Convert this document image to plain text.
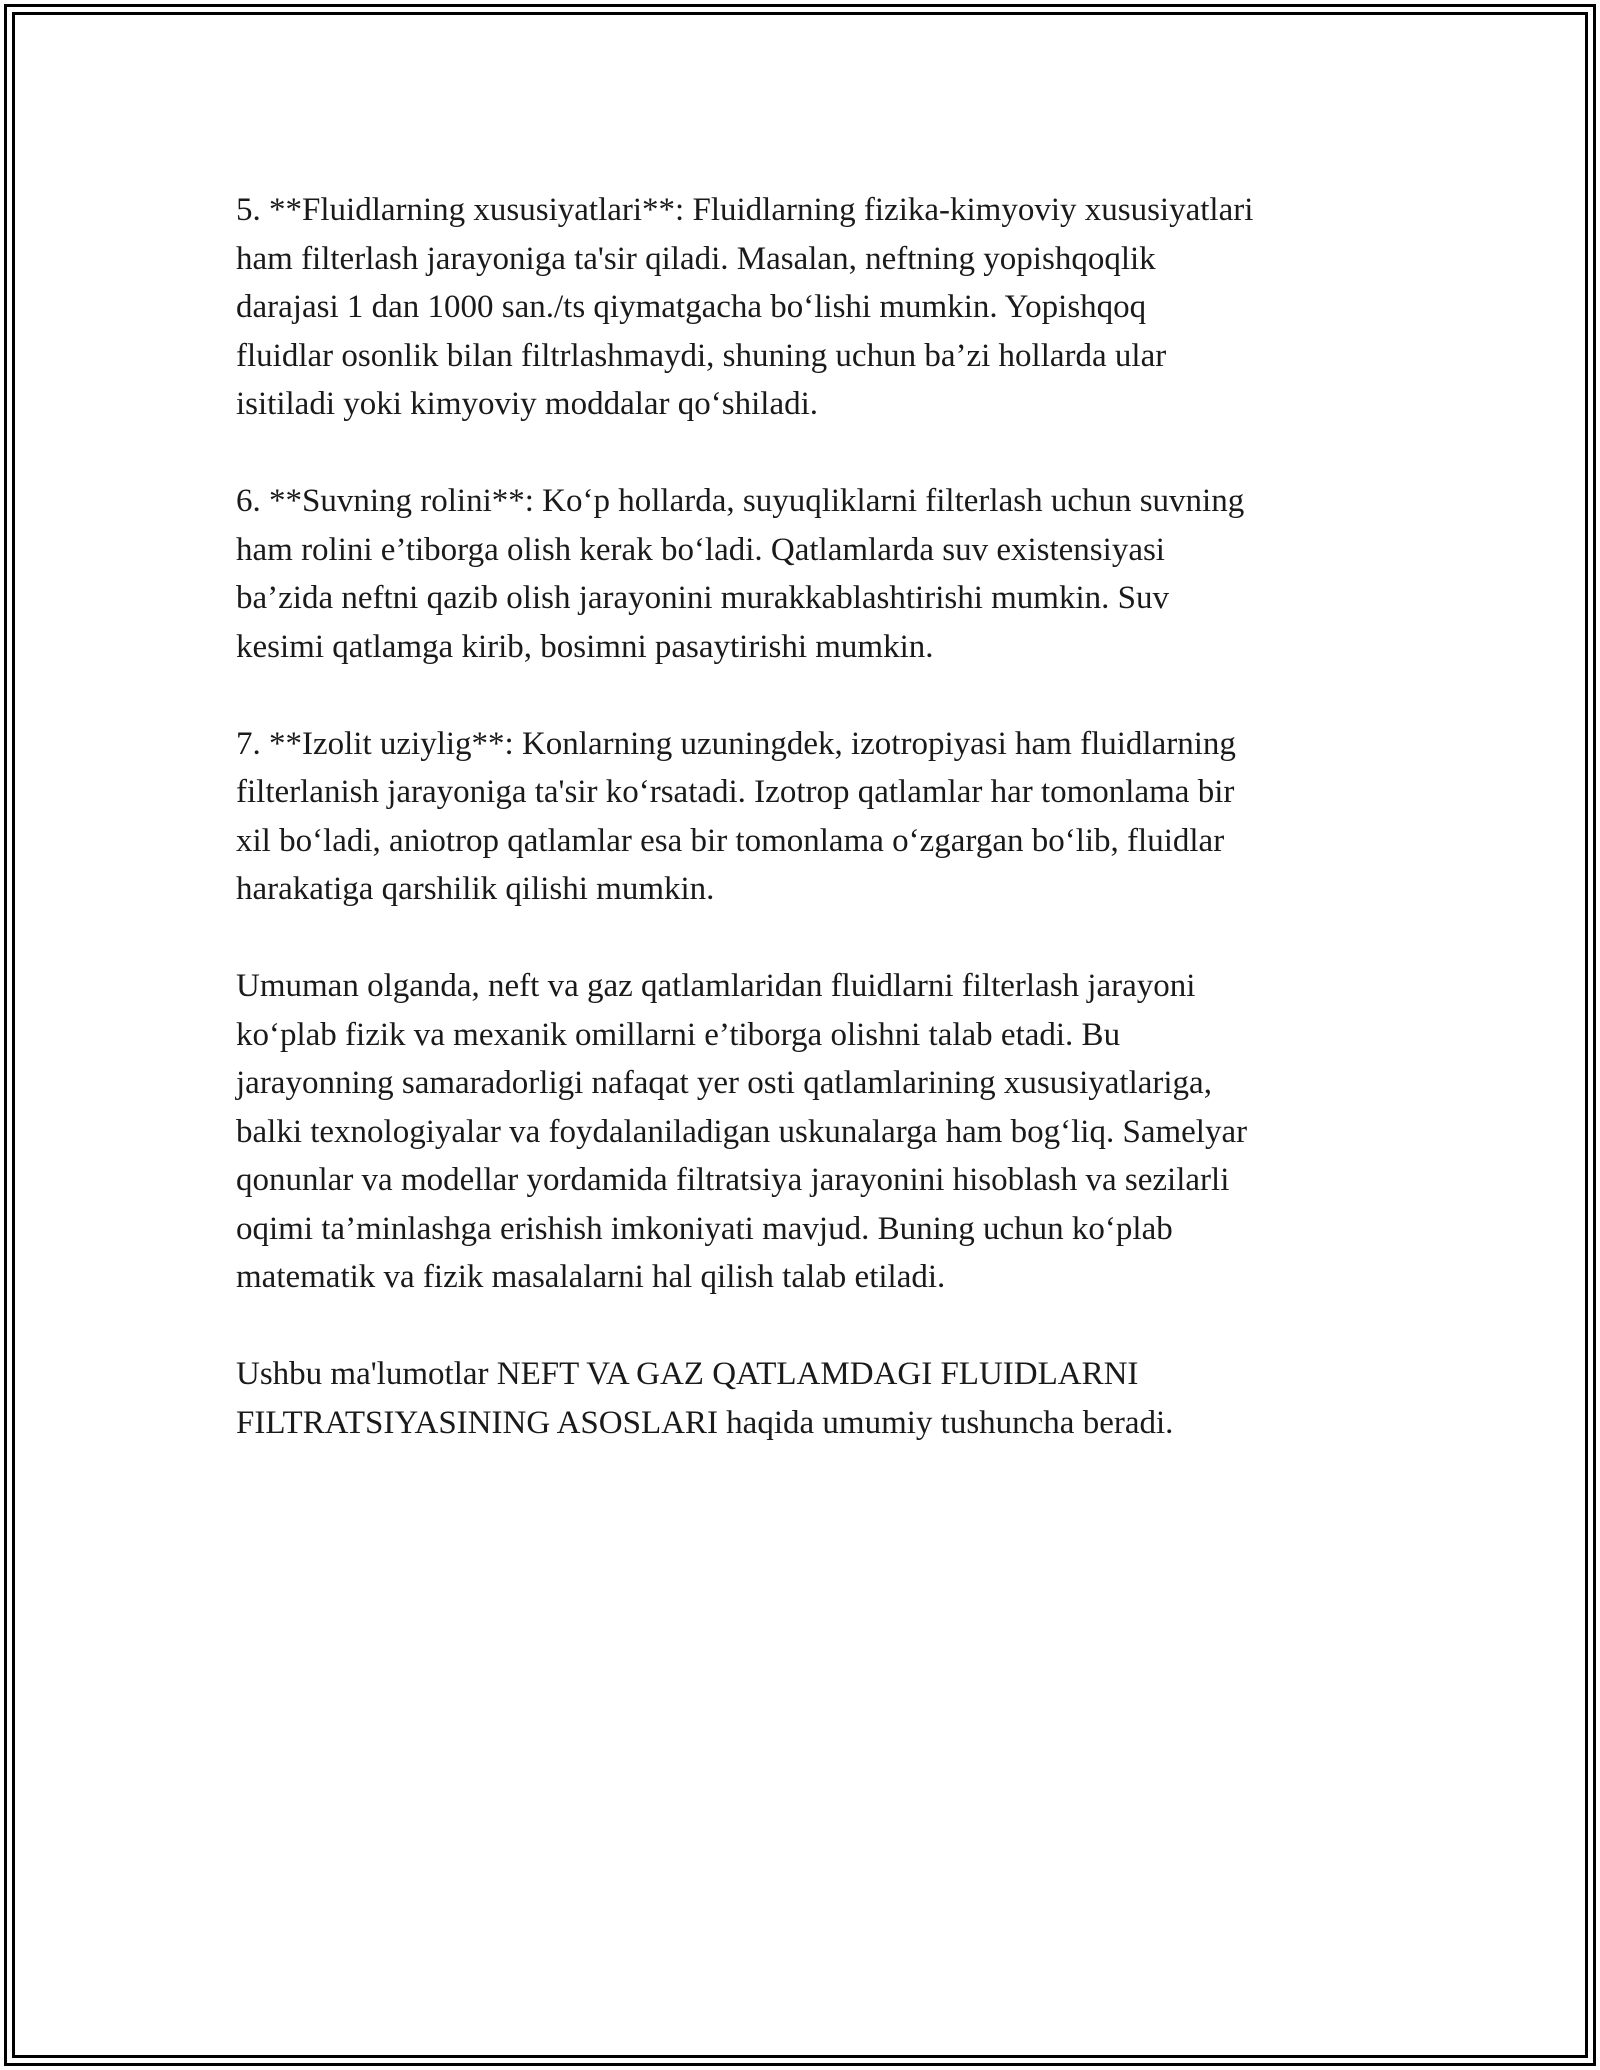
5. **Fluidlarning xususiyatlari**: Fluidlarning fizika-kimyoviy xususiyatlari
ham filterlash jarayoniga ta'sir qiladi. Masalan, neftning yopishqoqlik
darajasi 1 dan 1000 san./ts qiymatgacha bo‘lishi mumkin. Yopishqoq
fluidlar osonlik bilan filtrlashmaydi, shuning uchun ba’zi hollarda ular
isitiladi yoki kimyoviy moddalar qo‘shiladi.

6. **Suvning rolini**: Ko‘p hollarda, suyuqliklarni filterlash uchun suvning
ham rolini e’tiborga olish kerak bo‘ladi. Qatlamlarda suv existensiyasi
ba’zida neftni qazib olish jarayonini murakkablashtirishi mumkin. Suv
kesimi qatlamga kirib, bosimni pasaytirishi mumkin.

7. **Izolit uziylig**: Konlarning uzuningdek, izotropiyasi ham fluidlarning
filterlanish jarayoniga ta'sir ko‘rsatadi. Izotrop qatlamlar har tomonlama bir
xil bo‘ladi, aniotrop qatlamlar esa bir tomonlama o‘zgargan bo‘lib, fluidlar
harakatiga qarshilik qilishi mumkin.

Umuman olganda, neft va gaz qatlamlaridan fluidlarni filterlash jarayoni
ko‘plab fizik va mexanik omillarni e’tiborga olishni talab etadi. Bu
jarayonning samaradorligi nafaqat yer osti qatlamlarining xususiyatlariga,
balki texnologiyalar va foydalaniladigan uskunalarga ham bog‘liq. Samelyar
qonunlar va modellar yordamida filtratsiya jarayonini hisoblash va sezilarli
oqimi ta’minlashga erishish imkoniyati mavjud. Buning uchun ko‘plab
matematik va fizik masalalarni hal qilish talab etiladi.

Ushbu ma'lumotlar NEFT VA GAZ QATLAMDAGI FLUIDLARNI
FILTRATSIYASINING ASOSLARI haqida umumiy tushuncha beradi.
